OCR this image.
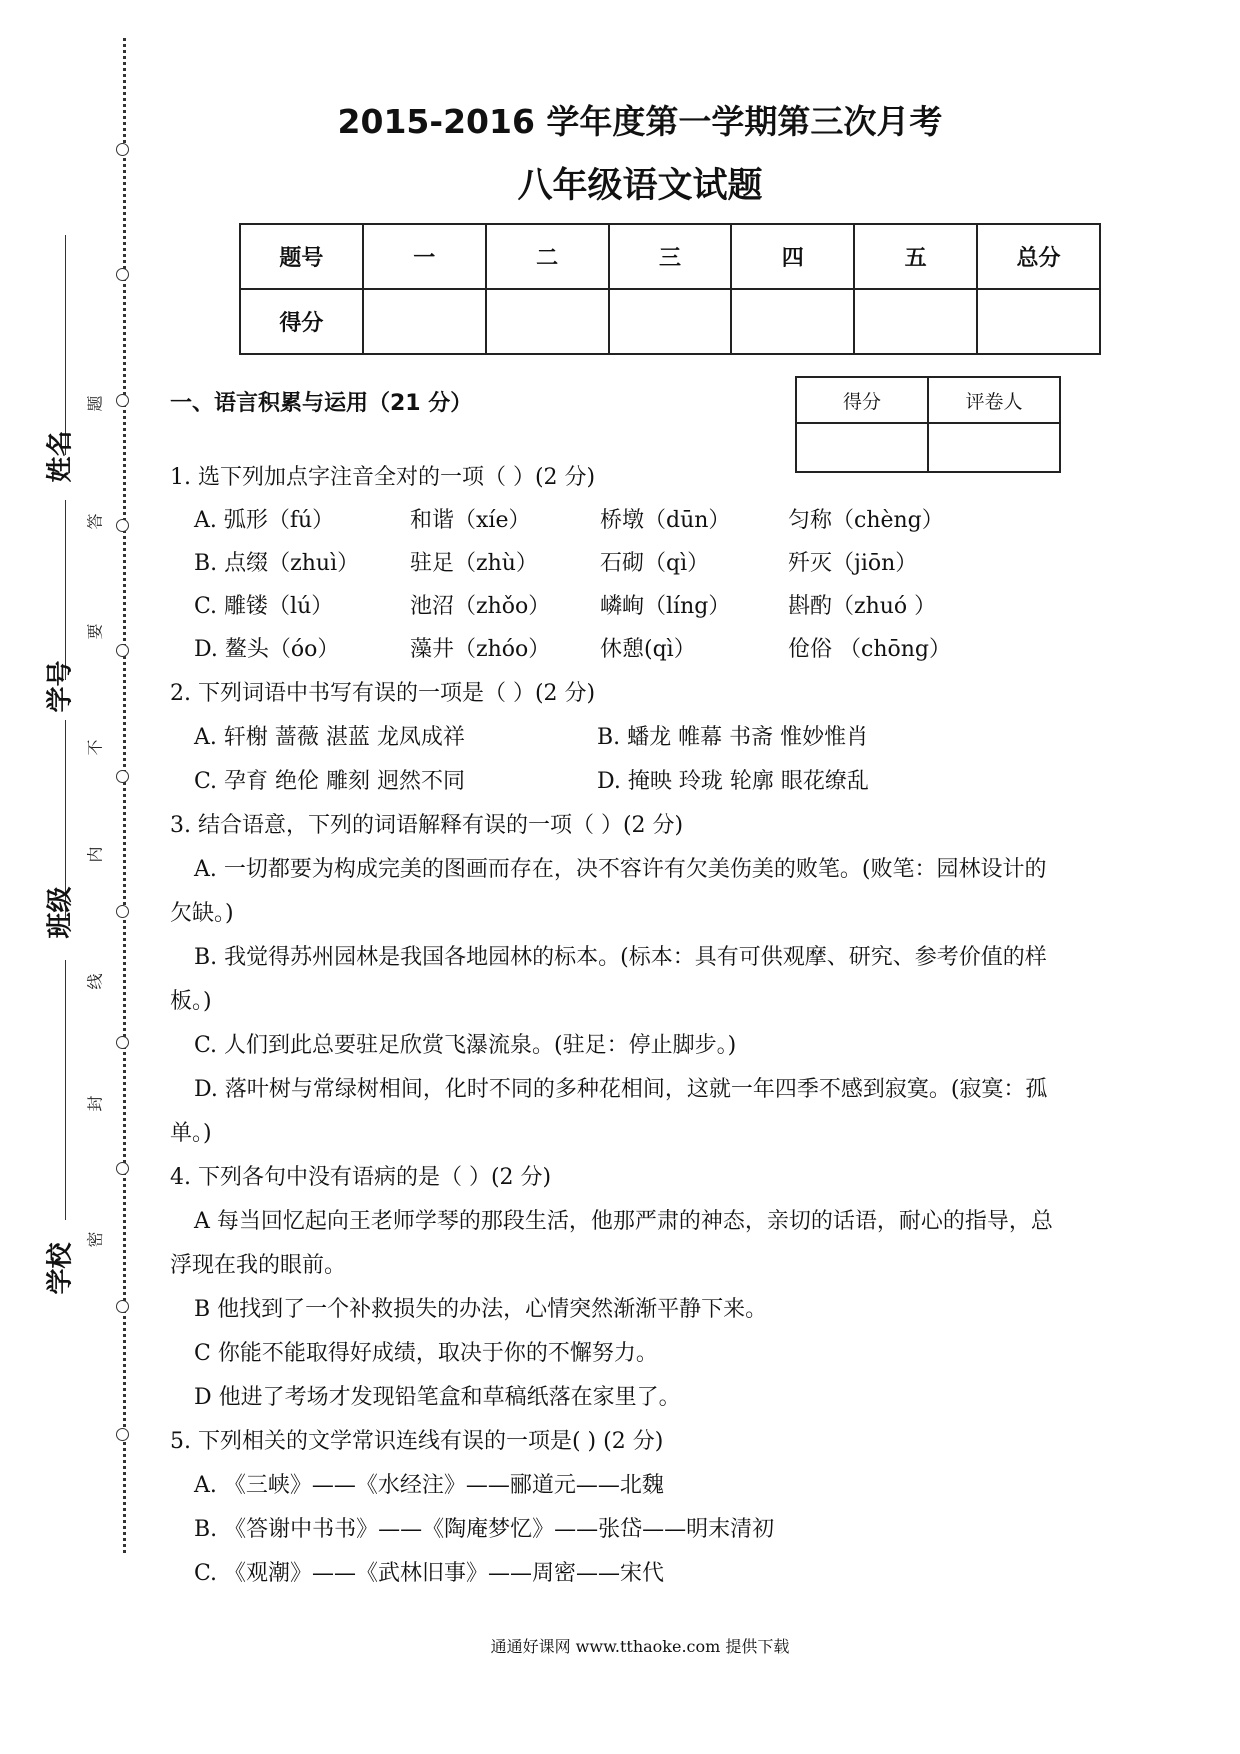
姓名
学号
班级
学校
题
答
要
不
内
线
封
密
2015-2016 学年度第一学期第三次月考
八年级语文试题
题号	一	二	三	四	五	总分
得分						
得分	评卷人

一、语言积累与运用（21 分）
1. 选下列加点字注音全对的一项（ ）(2 分)
A. 弧形（fú）	和谐（xíe）	桥墩（dūn）	匀称（chèng）
B. 点缀（zhuì） 驻足（zhù）	石砌（qì）	歼灭（jiōn）
C. 雕镂（lú）	池沼（zhǒo） 嶙峋（líng）	斟酌（zhuó ）
D. 鳌头（óo）	藻井（zhóo） 休憩(qì）	伧俗 （chōng）
2. 下列词语中书写有误的一项是（ ）(2 分)
A. 轩榭 蔷薇 湛蓝 龙凤成祥	B. 蟠龙 帷幕 书斋 惟妙惟肖
C. 孕育 绝伦 雕刻 迥然不同	D. 掩映 玲珑 轮廓 眼花缭乱
3. 结合语意，下列的词语解释有误的一项（ ）(2 分)
A. 一切都要为构成完美的图画而存在，决不容许有欠美伤美的败笔。(败笔：园林设计的
欠缺。)
B. 我觉得苏州园林是我国各地园林的标本。(标本：具有可供观摩、研究、参考价值的样
板。)
C. 人们到此总要驻足欣赏飞瀑流泉。(驻足：停止脚步。)
D. 落叶树与常绿树相间，化时不同的多种花相间，这就一年四季不感到寂寞。(寂寞：孤
单。)
4. 下列各句中没有语病的是（ ）(2 分)
A 每当回忆起向王老师学琴的那段生活，他那严肃的神态，亲切的话语，耐心的指导，总
浮现在我的眼前。
B 他找到了一个补救损失的办法，心情突然渐渐平静下来。
C 你能不能取得好成绩，取决于你的不懈努力。
D 他进了考场才发现铅笔盒和草稿纸落在家里了。
5. 下列相关的文学常识连线有误的一项是( ) (2 分)
A. 《三峡》——《水经注》——郦道元——北魏
B. 《答谢中书书》——《陶庵梦忆》——张岱——明末清初
C. 《观潮》——《武林旧事》——周密——宋代
通通好课网 www.tthaoke.com 提供下载
